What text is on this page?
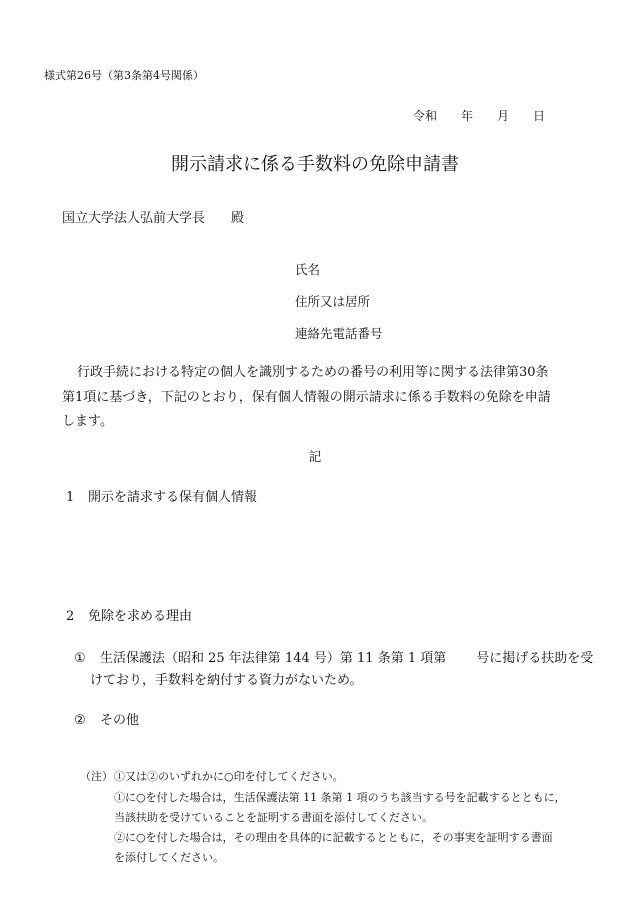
様式第26号（第3条第4号関係）
令和 年 月 日
開示請求に係る手数料の免除申請書
国立大学法人弘前大学長 殿
氏名
住所又は居所
連絡先電話番号
行政手続における特定の個人を識別するための番号の利用等に関する法律第30条
第1項に基づき，下記のとおり，保有個人情報の開示請求に係る手数料の免除を申請
します。
記
1 開示を請求する保有個人情報
2 免除を求める理由
① 生活保護法（昭和 25 年法律第 144 号）第 11 条第 1 項第 号に掲げる扶助を受
けており，手数料を納付する資力がないため。
② その他
（注） ①又は②のいずれかに○印を付してください。
①に○を付した場合は，生活保護法第 11 条第 1 項のうち該当する号を記載するとともに，
当該扶助を受けていることを証明する書面を添付してください。
②に○を付した場合は，その理由を具体的に記載するとともに，その事実を証明する書面
を添付してください。
